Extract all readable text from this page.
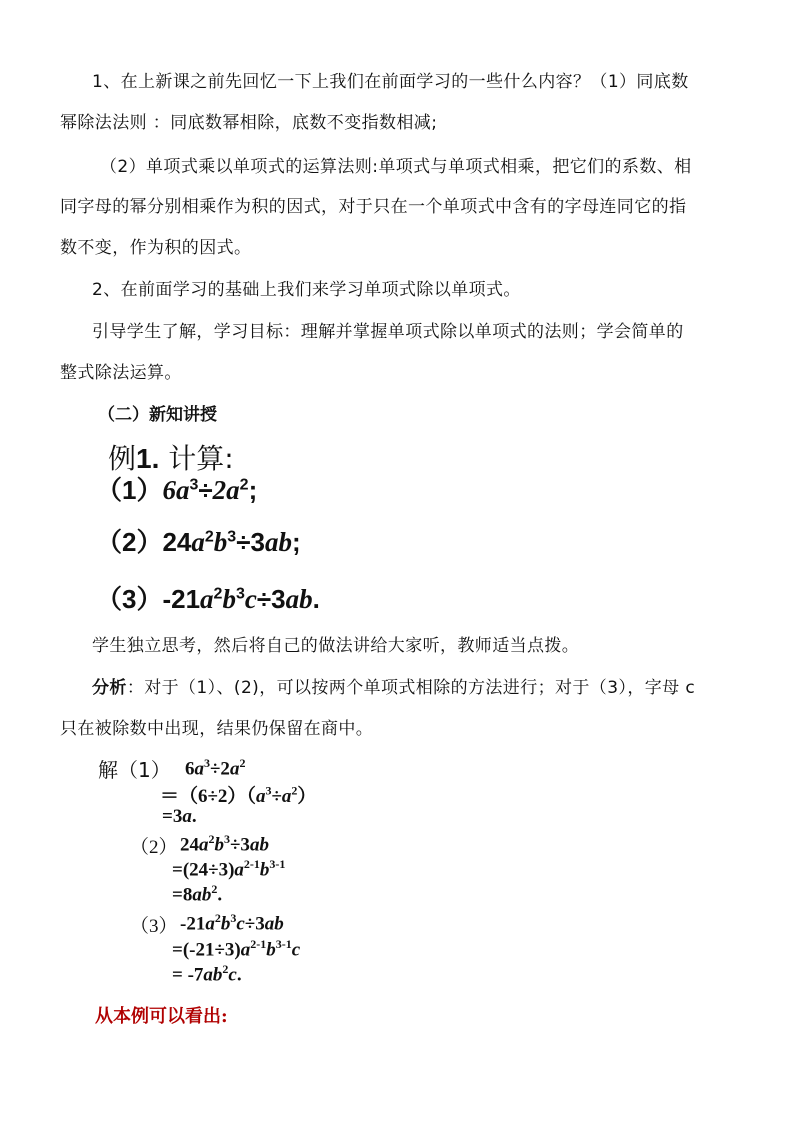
1、在上新课之前先回忆一下上我们在前面学习的一些什么内容？（1）同底数
幂除法法则 ：同底数幂相除，底数不变指数相减;
（2）单项式乘以单项式的运算法则:单项式与单项式相乘，把它们的系数、相
同字母的幂分别相乘作为积的因式，对于只在一个单项式中含有的字母连同它的指
数不变，作为积的因式。
2、在前面学习的基础上我们来学习单项式除以单项式。
引导学生了解，学习目标：理解并掌握单项式除以单项式的法则；学会简单的
整式除法运算。
（二）新知讲授
例1. 计算:
$(1)6a^3\div 2a^2$;
$(2)24a^2b^3\div 3ab$;
$(3)-21a^2b^3c\div 3ab$.
学生独立思考，然后将自己的做法讲给大家听，教师适当点拨。
分析：对于（1）、(2)，可以按两个单项式相除的方法进行；对于（3），字母 c
只在被除数中出现，结果仍保留在商中。
解（1） $6a^3\div 2a^2$
$=(6\div 2)(a^3\div a^2)$
=3a.
（2） $24a^2b^3\div 3ab$
$=(24\div 3)a^{2-1}b^{3-1}$
$=8ab^2$.
（3） $-21a^2b^3c\div 3ab$
$=(-21\div 3)a^{2-1}b^{3-1}c$
= $-7ab^2c$.
从本例可以看出:
